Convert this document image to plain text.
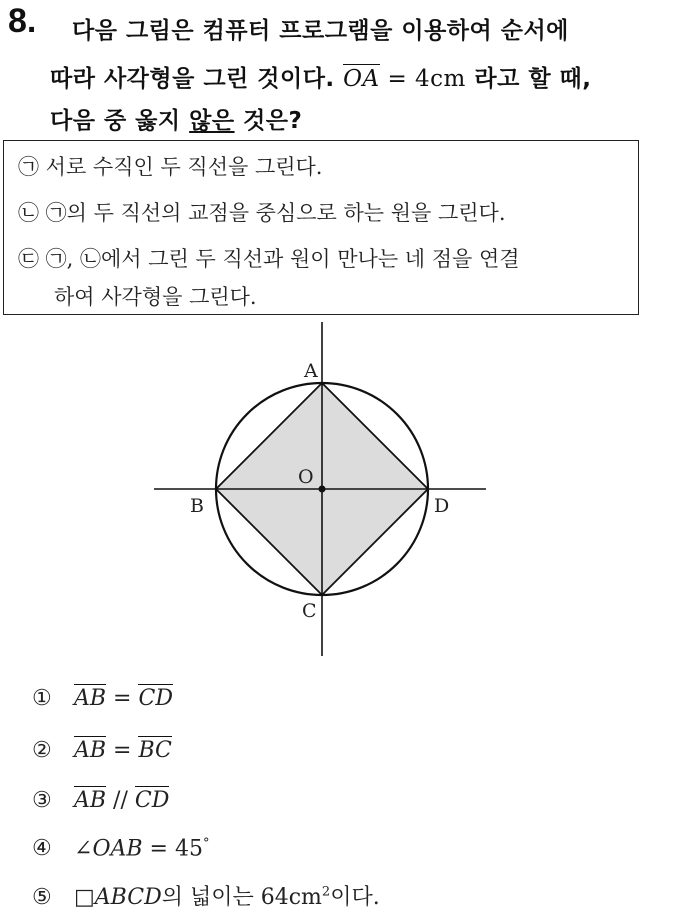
8. 다음 그림은 컴퓨터 프로그램을 이용하여 순서에
따라 사각형을 그린 것이다. OA = 4cm 라고 할 때,
다음 중 옳지 않은 것은?
㉠ 서로 수직인 두 직선을 그린다.
㉡ ㉠의 두 직선의 교점을 중심으로 하는 원을 그린다.
㉢ ㉠, ㉡에서 그린 두 직선과 원이 만나는 네 점을 연결
하여 사각형을 그린다.
A
B
C
D
O
① AB = CD
② AB = BC
③ AB // CD
④ ∠OAB = 45°
⑤ □ABCD의 넓이는 $64cm^2$이다.
